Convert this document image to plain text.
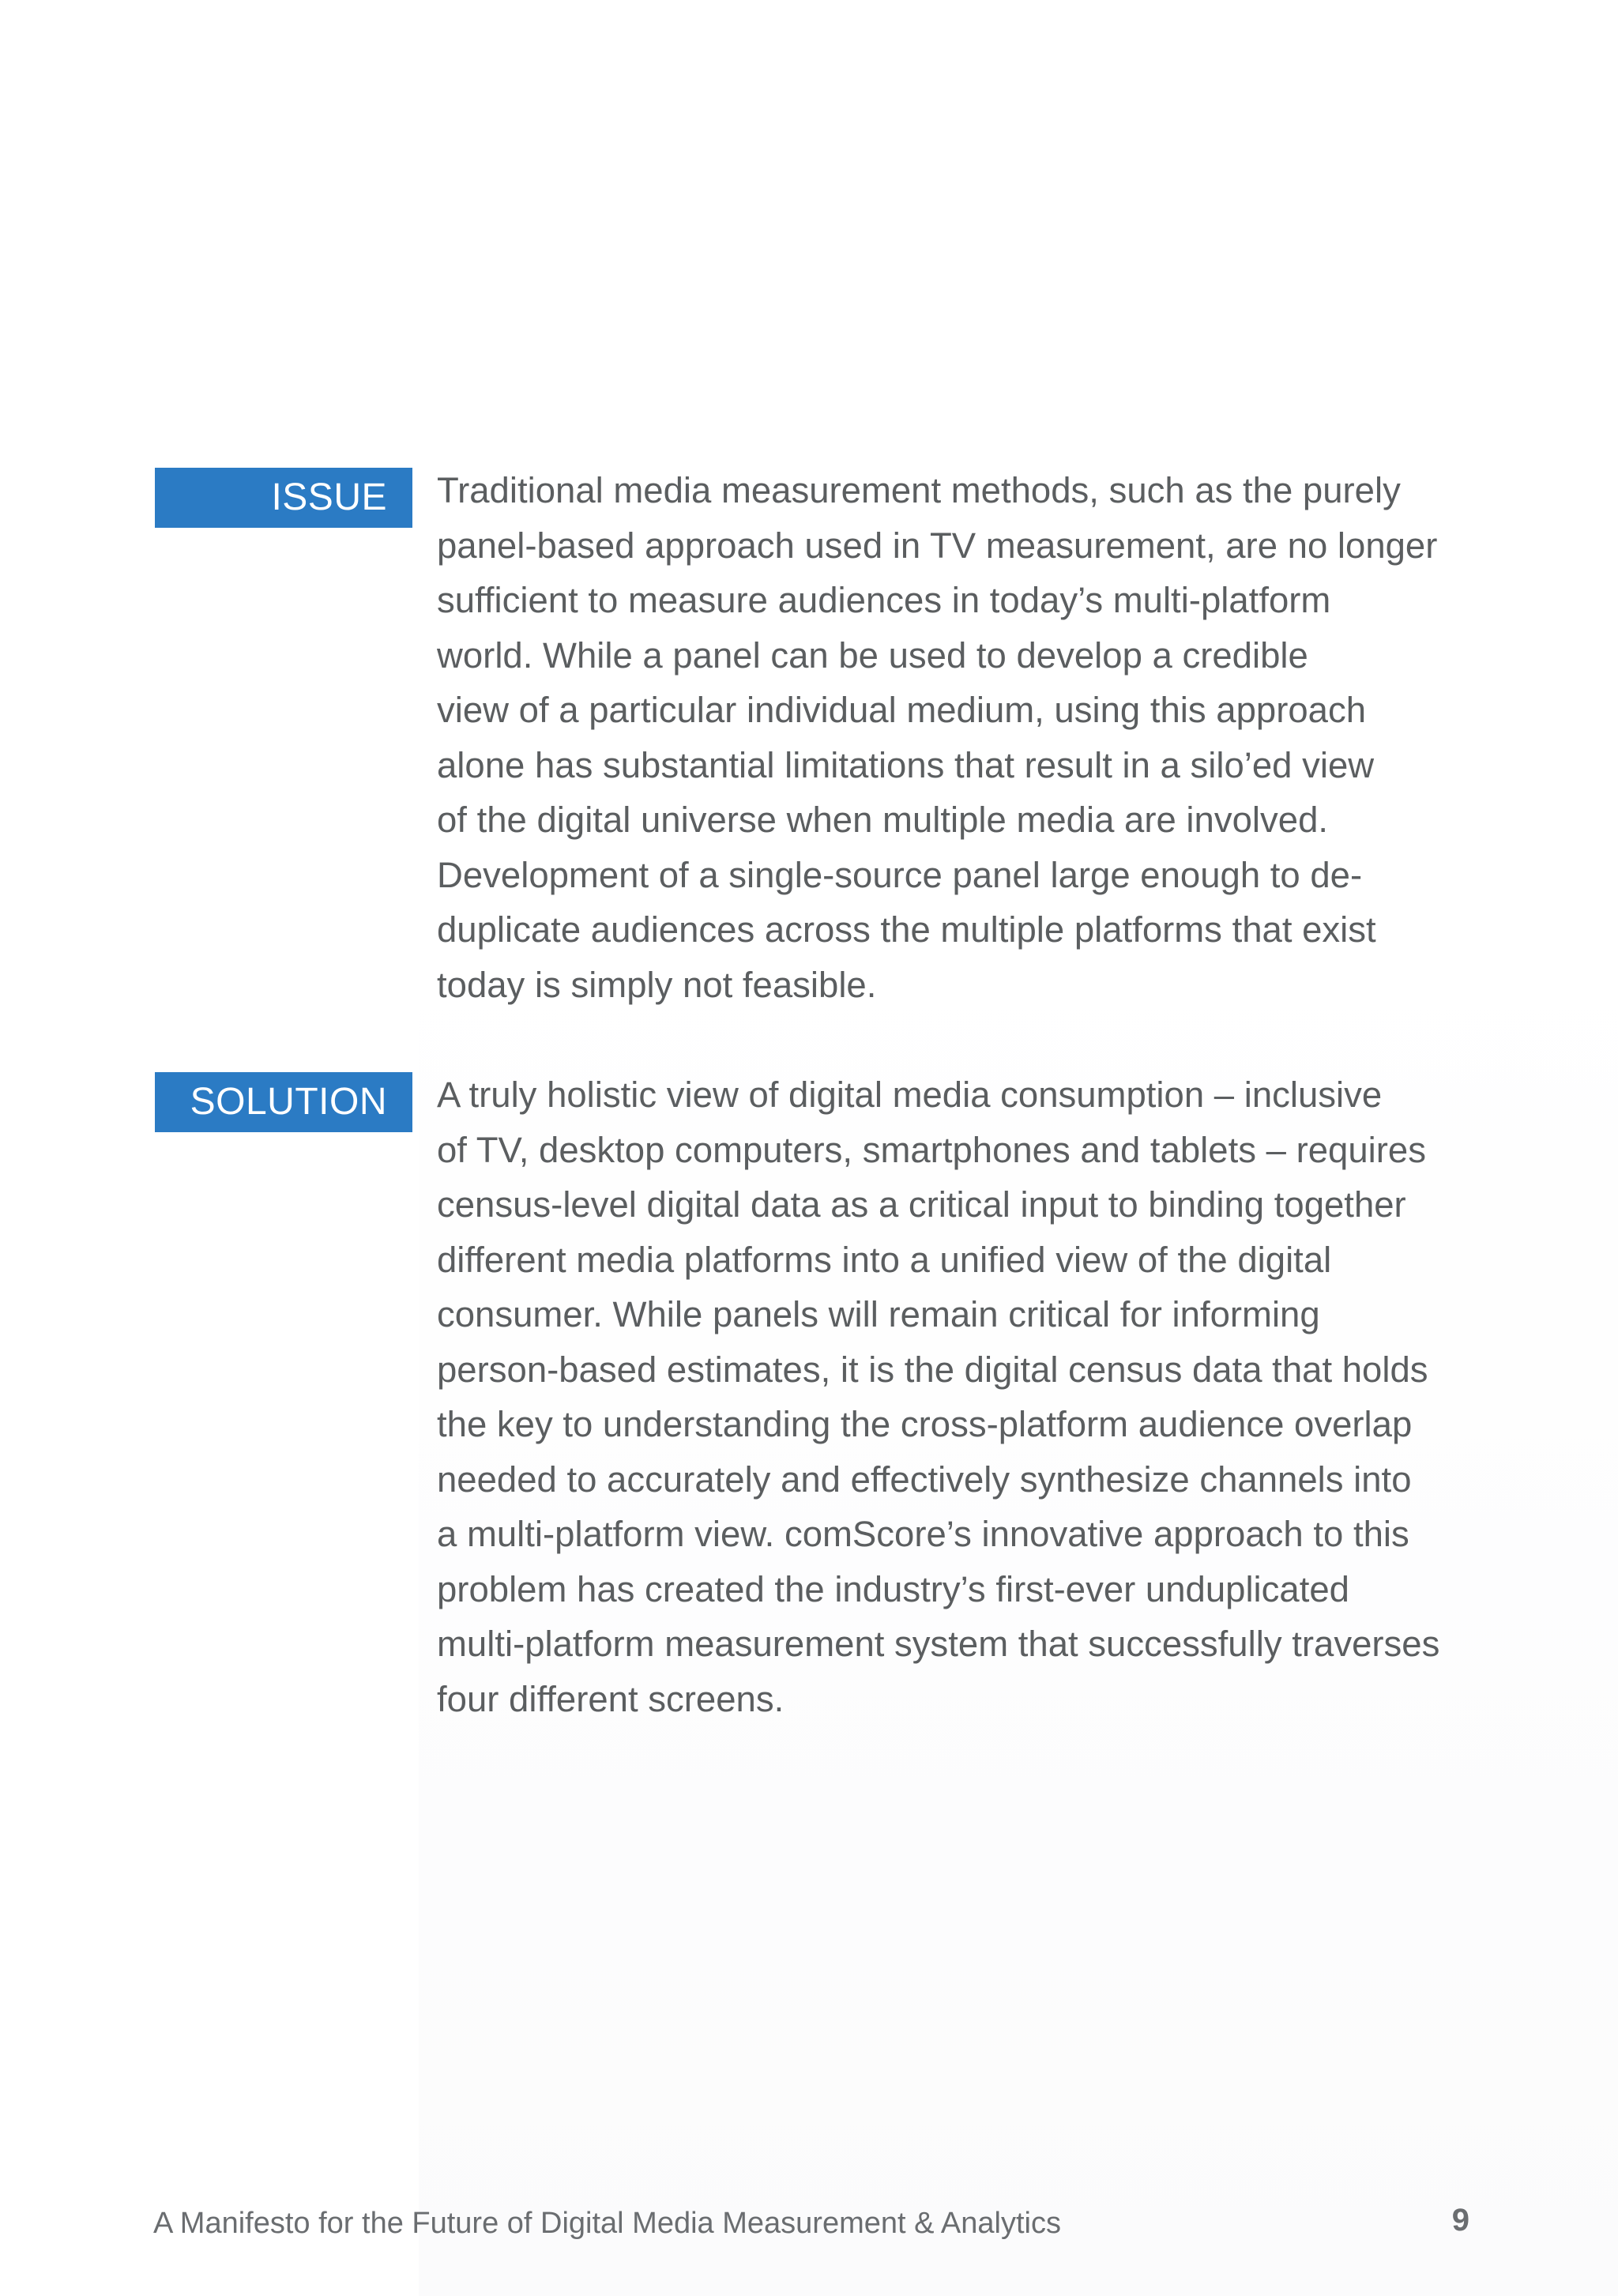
ISSUE	Traditional media measurement methods, such as the purely
panel-based approach used in TV measurement, are no longer
sufficient to measure audiences in today’s multi-platform
world. While a panel can be used to develop a credible
view of a particular individual medium, using this approach
alone has substantial limitations that result in a silo’ed view
of the digital universe when multiple media are involved.
Development of a single-source panel large enough to de-
duplicate audiences across the multiple platforms that exist
today is simply not feasible.

SOLUTION	A truly holistic view of digital media consumption – inclusive
of TV, desktop computers, smartphones and tablets – requires
census-level digital data as a critical input to binding together
different media platforms into a unified view of the digital
consumer. While panels will remain critical for informing
person-based estimates, it is the digital census data that holds
the key to understanding the cross-platform audience overlap
needed to accurately and effectively synthesize channels into
a multi-platform view. comScore’s innovative approach to this
problem has created the industry’s first-ever unduplicated
multi-platform measurement system that successfully traverses
four different screens.

A Manifesto for the Future of Digital Media Measurement & Analytics	9
